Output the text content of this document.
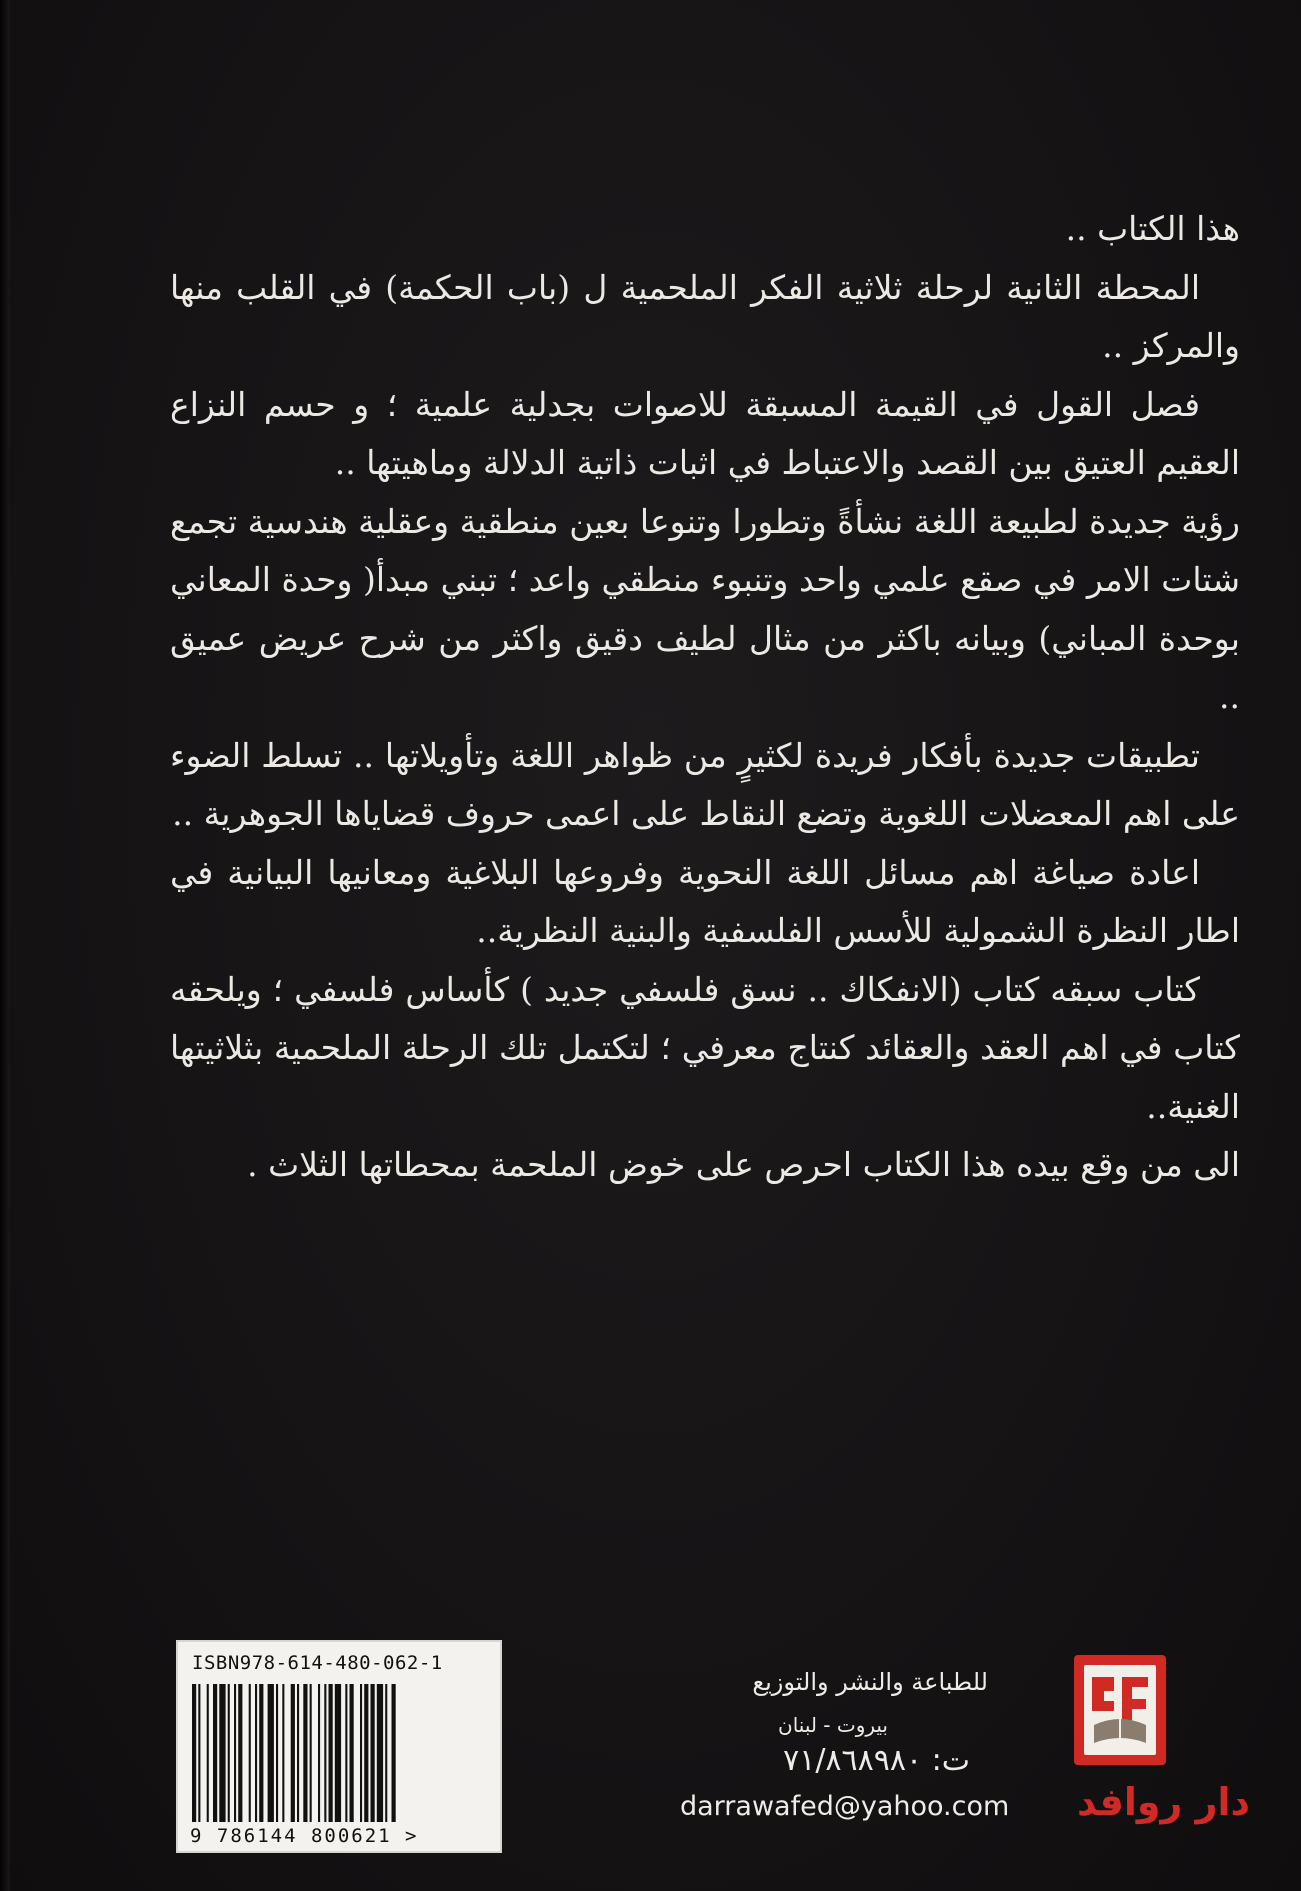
هذا الكتاب ..

المحطة الثانية لرحلة ثلاثية الفكر الملحمية ل (باب الحكمة) في القلب منها والمركز ..

فصل القول في القيمة المسبقة للاصوات بجدلية علمية ؛ و حسم النزاع العقيم العتيق بين القصد والاعتباط في اثبات ذاتية الدلالة وماهيتها ..

رؤية جديدة لطبيعة اللغة نشأةً وتطورا وتنوعا بعين منطقية وعقلية هندسية تجمع شتات الامر في صقع علمي واحد وتنبوء منطقي واعد ؛ تبني مبدأ( وحدة المعاني بوحدة المباني) وبيانه باكثر من مثال لطيف دقيق واكثر من شرح عريض عميق ..

تطبيقات جديدة بأفكار فريدة لكثيرٍ من ظواهر اللغة وتأويلاتها .. تسلط الضوء على اهم المعضلات اللغوية وتضع النقاط على اعمى حروف قضاياها الجوهرية ..

اعادة صياغة اهم مسائل اللغة النحوية وفروعها البلاغية ومعانيها البيانية في اطار النظرة الشمولية للأسس الفلسفية والبنية النظرية..

كتاب سبقه كتاب (الانفكاك .. نسق فلسفي جديد ) كأساس فلسفي ؛ ويلحقه كتاب في اهم العقد والعقائد كنتاج معرفي ؛ لتكتمل تلك الرحلة الملحمية بثلاثيتها الغنية..

الى من وقع بيده هذا الكتاب احرص على خوض الملحمة بمحطاتها الثلاث .

ISBN978-614-480-062-1
9 786144 800621 >
دار روافد
للطباعة والنشر والتوزيع
بيروت - لبنان
ت: ٧١/٨٦٨٩٨٠
darrawafed@yahoo.com
